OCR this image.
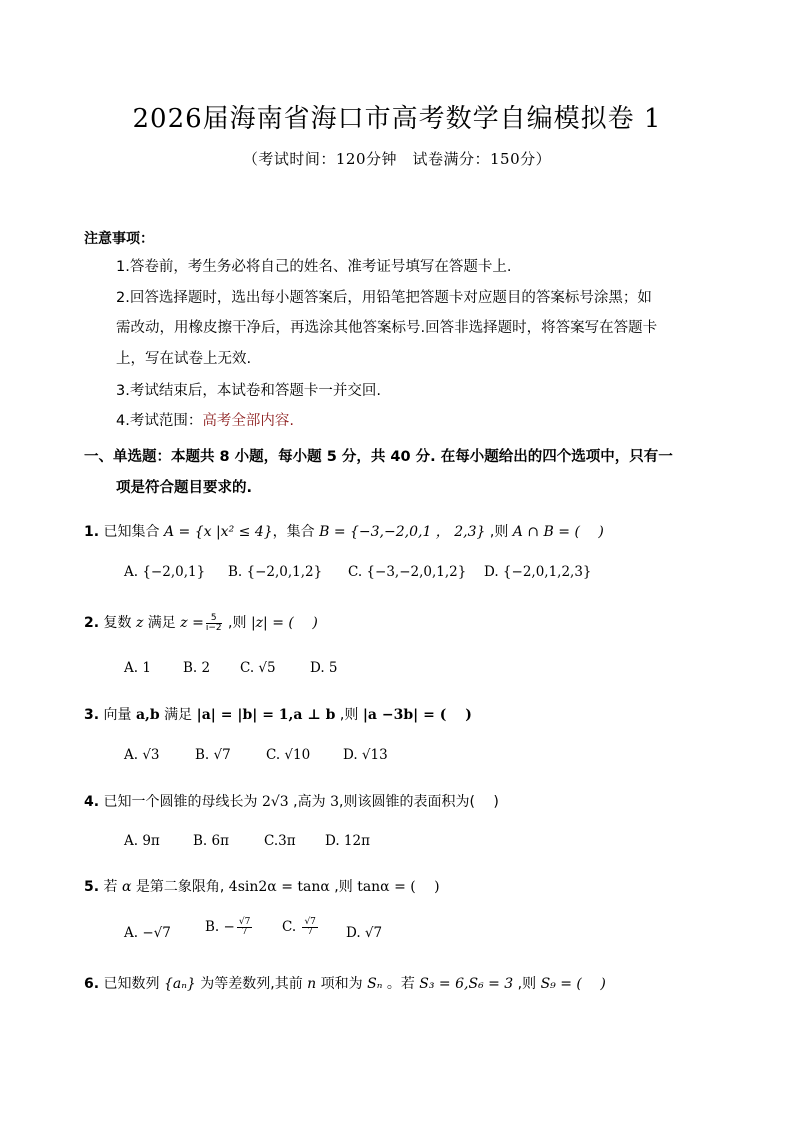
2026届海南省海口市高考数学自编模拟卷 1
（考试时间：120分钟　试卷满分：150分）
注意事项：
1.答卷前，考生务必将自己的姓名、准考证号填写在答题卡上.
2.回答选择题时，选出每小题答案后，用铅笔把答题卡对应题目的答案标号涂黑；如
需改动，用橡皮擦干净后，再选涂其他答案标号.回答非选择题时，将答案写在答题卡
上，写在试卷上无效.
3.考试结束后，本试卷和答题卡一并交回.
4.考试范围：高考全部内容.
一、单选题：本题共 8 小题，每小题 5 分，共 40 分. 在每小题给出的四个选项中，只有一
项是符合题目要求的.
1. 已知集合 A = {x |x² ≤ 4}，集合 B = {−3,−2,0,1 ， 2,3} ,则 A ∩ B = (　 )
A. {−2,0,1} B. {−2,0,1,2} C. {−3,−2,0,1,2} D. {−2,0,1,2,3}
2. 复数 z 满足 $z = \frac{5}{i-2}$ ,则 |z| = (　 )
A. 1 B. 2 C. √5	D. 5
3. 向量 a,b 满足 |a| = |b| = 1,a ⊥ b ,则 |a −3b| = (　 )
A. √3	B. √7	C. √10 D. √13
4. 已知一个圆锥的母线长为 2√3 ,高为 3,则该圆锥的表面积为(　 )
A. 9π B. 6π	C.3π D. 12π
5. 若 α 是第二象限角, 4sin2α = tanα ,则 tanα = (　 )
A. −√7	B. − $\frac{√7}{7} C$. $\frac{√7}{7} D$. √7
6. 已知数列 {aₙ} 为等差数列,其前 n 项和为 Sₙ 。若 S₃ = 6,S₆ = 3 ,则 S₉ = (　 )
